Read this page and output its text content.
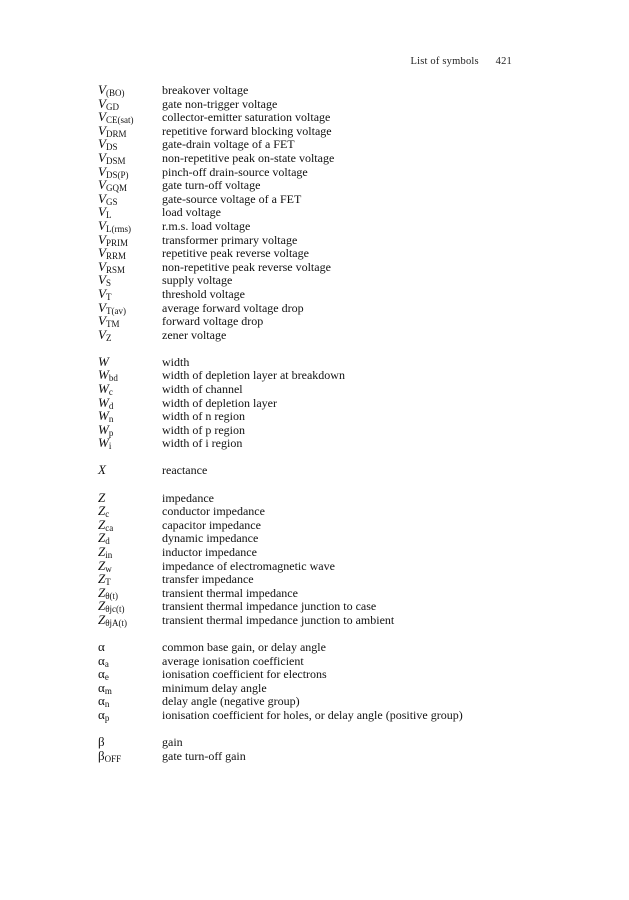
List of symbols 421
$V_{(BO)}$	breakover voltage
$V_{GD}$	gate non-trigger voltage
$V_{CE(sat)}$	collector-emitter saturation voltage
$V_{DRM}$	repetitive forward blocking voltage
$V_{DS}$	gate-drain voltage of a FET
$V_{DSM}$	non-repetitive peak on-state voltage
$V_{DS(P)}$	pinch-off drain-source voltage
$V_{GQM}$	gate turn-off voltage
$V_{GS}$	gate-source voltage of a FET
$V_L$	load voltage
$V_{L(rms)}$	r.m.s. load voltage
$V_{PRIM}$	transformer primary voltage
$V_{RRM}$	repetitive peak reverse voltage
$V_{RSM}$	non-repetitive peak reverse voltage
$V_S$	supply voltage
$V_T$	threshold voltage
$V_{T(av)}$	average forward voltage drop
$V_{TM}$	forward voltage drop
$V_Z$	zener voltage
W	width
$W_{bd}$	width of depletion layer at breakdown
$W_c$	width of channel
$W_d$	width of depletion layer
$W_n$	width of n region
$W_p$	width of p region
$W_i$	width of i region
X	reactance
Z	impedance
$Z_c$	conductor impedance
$Z_{ca}$	capacitor impedance
$Z_d$	dynamic impedance
$Z_{in}$	inductor impedance
$Z_w$	impedance of electromagnetic wave
$Z_T$	transfer impedance
$Z_{\theta(t)}$	transient thermal impedance
$Z_{\theta jc(t)}$	transient thermal impedance junction to case
$Z_{\theta jA(t)}$	transient thermal impedance junction to ambient
α	common base gain, or delay angle
$\alpha_a$	average ionisation coefficient
$\alpha_e$	ionisation coefficient for electrons
$\alpha_m$	minimum delay angle
$\alpha_n$	delay angle (negative group)
$\alpha_p$	ionisation coefficient for holes, or delay angle (positive group)
β	gain
$\beta_{OFF}$	gate turn-off gain
